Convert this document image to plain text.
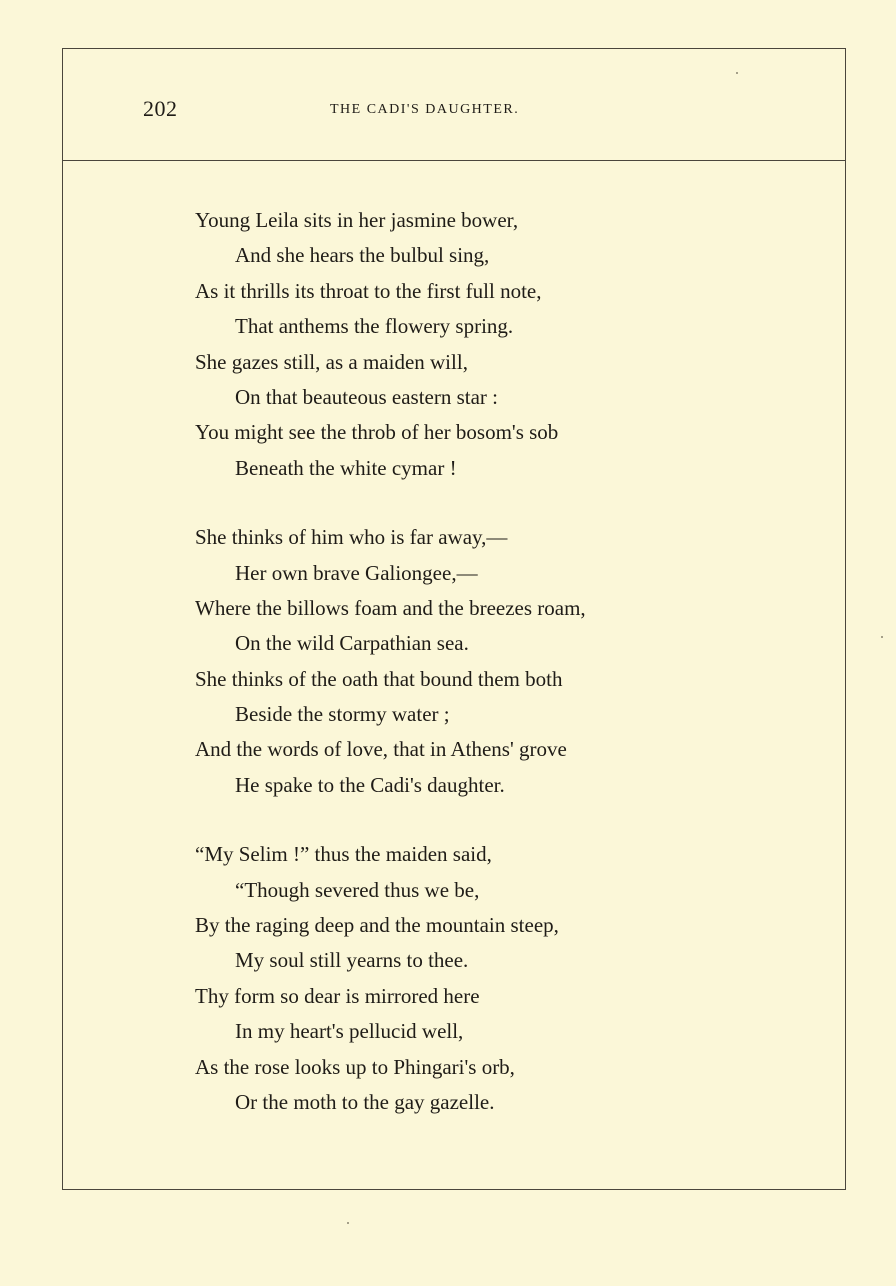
202	THE CADI'S DAUGHTER.
Young Leila sits in her jasmine bower,
And she hears the bulbul sing,
As it thrills its throat to the first full note,
That anthems the flowery spring.
She gazes still, as a maiden will,
On that beauteous eastern star :
You might see the throb of her bosom's sob
Beneath the white cymar !
She thinks of him who is far away,—
Her own brave Galiongee,—
Where the billows foam and the breezes roam,
On the wild Carpathian sea.
She thinks of the oath that bound them both
Beside the stormy water ;
And the words of love, that in Athens' grove
He spake to the Cadi's daughter.
“My Selim !” thus the maiden said,
“Though severed thus we be,
By the raging deep and the mountain steep,
My soul still yearns to thee.
Thy form so dear is mirrored here
In my heart's pellucid well,
As the rose looks up to Phingari's orb,
Or the moth to the gay gazelle.
